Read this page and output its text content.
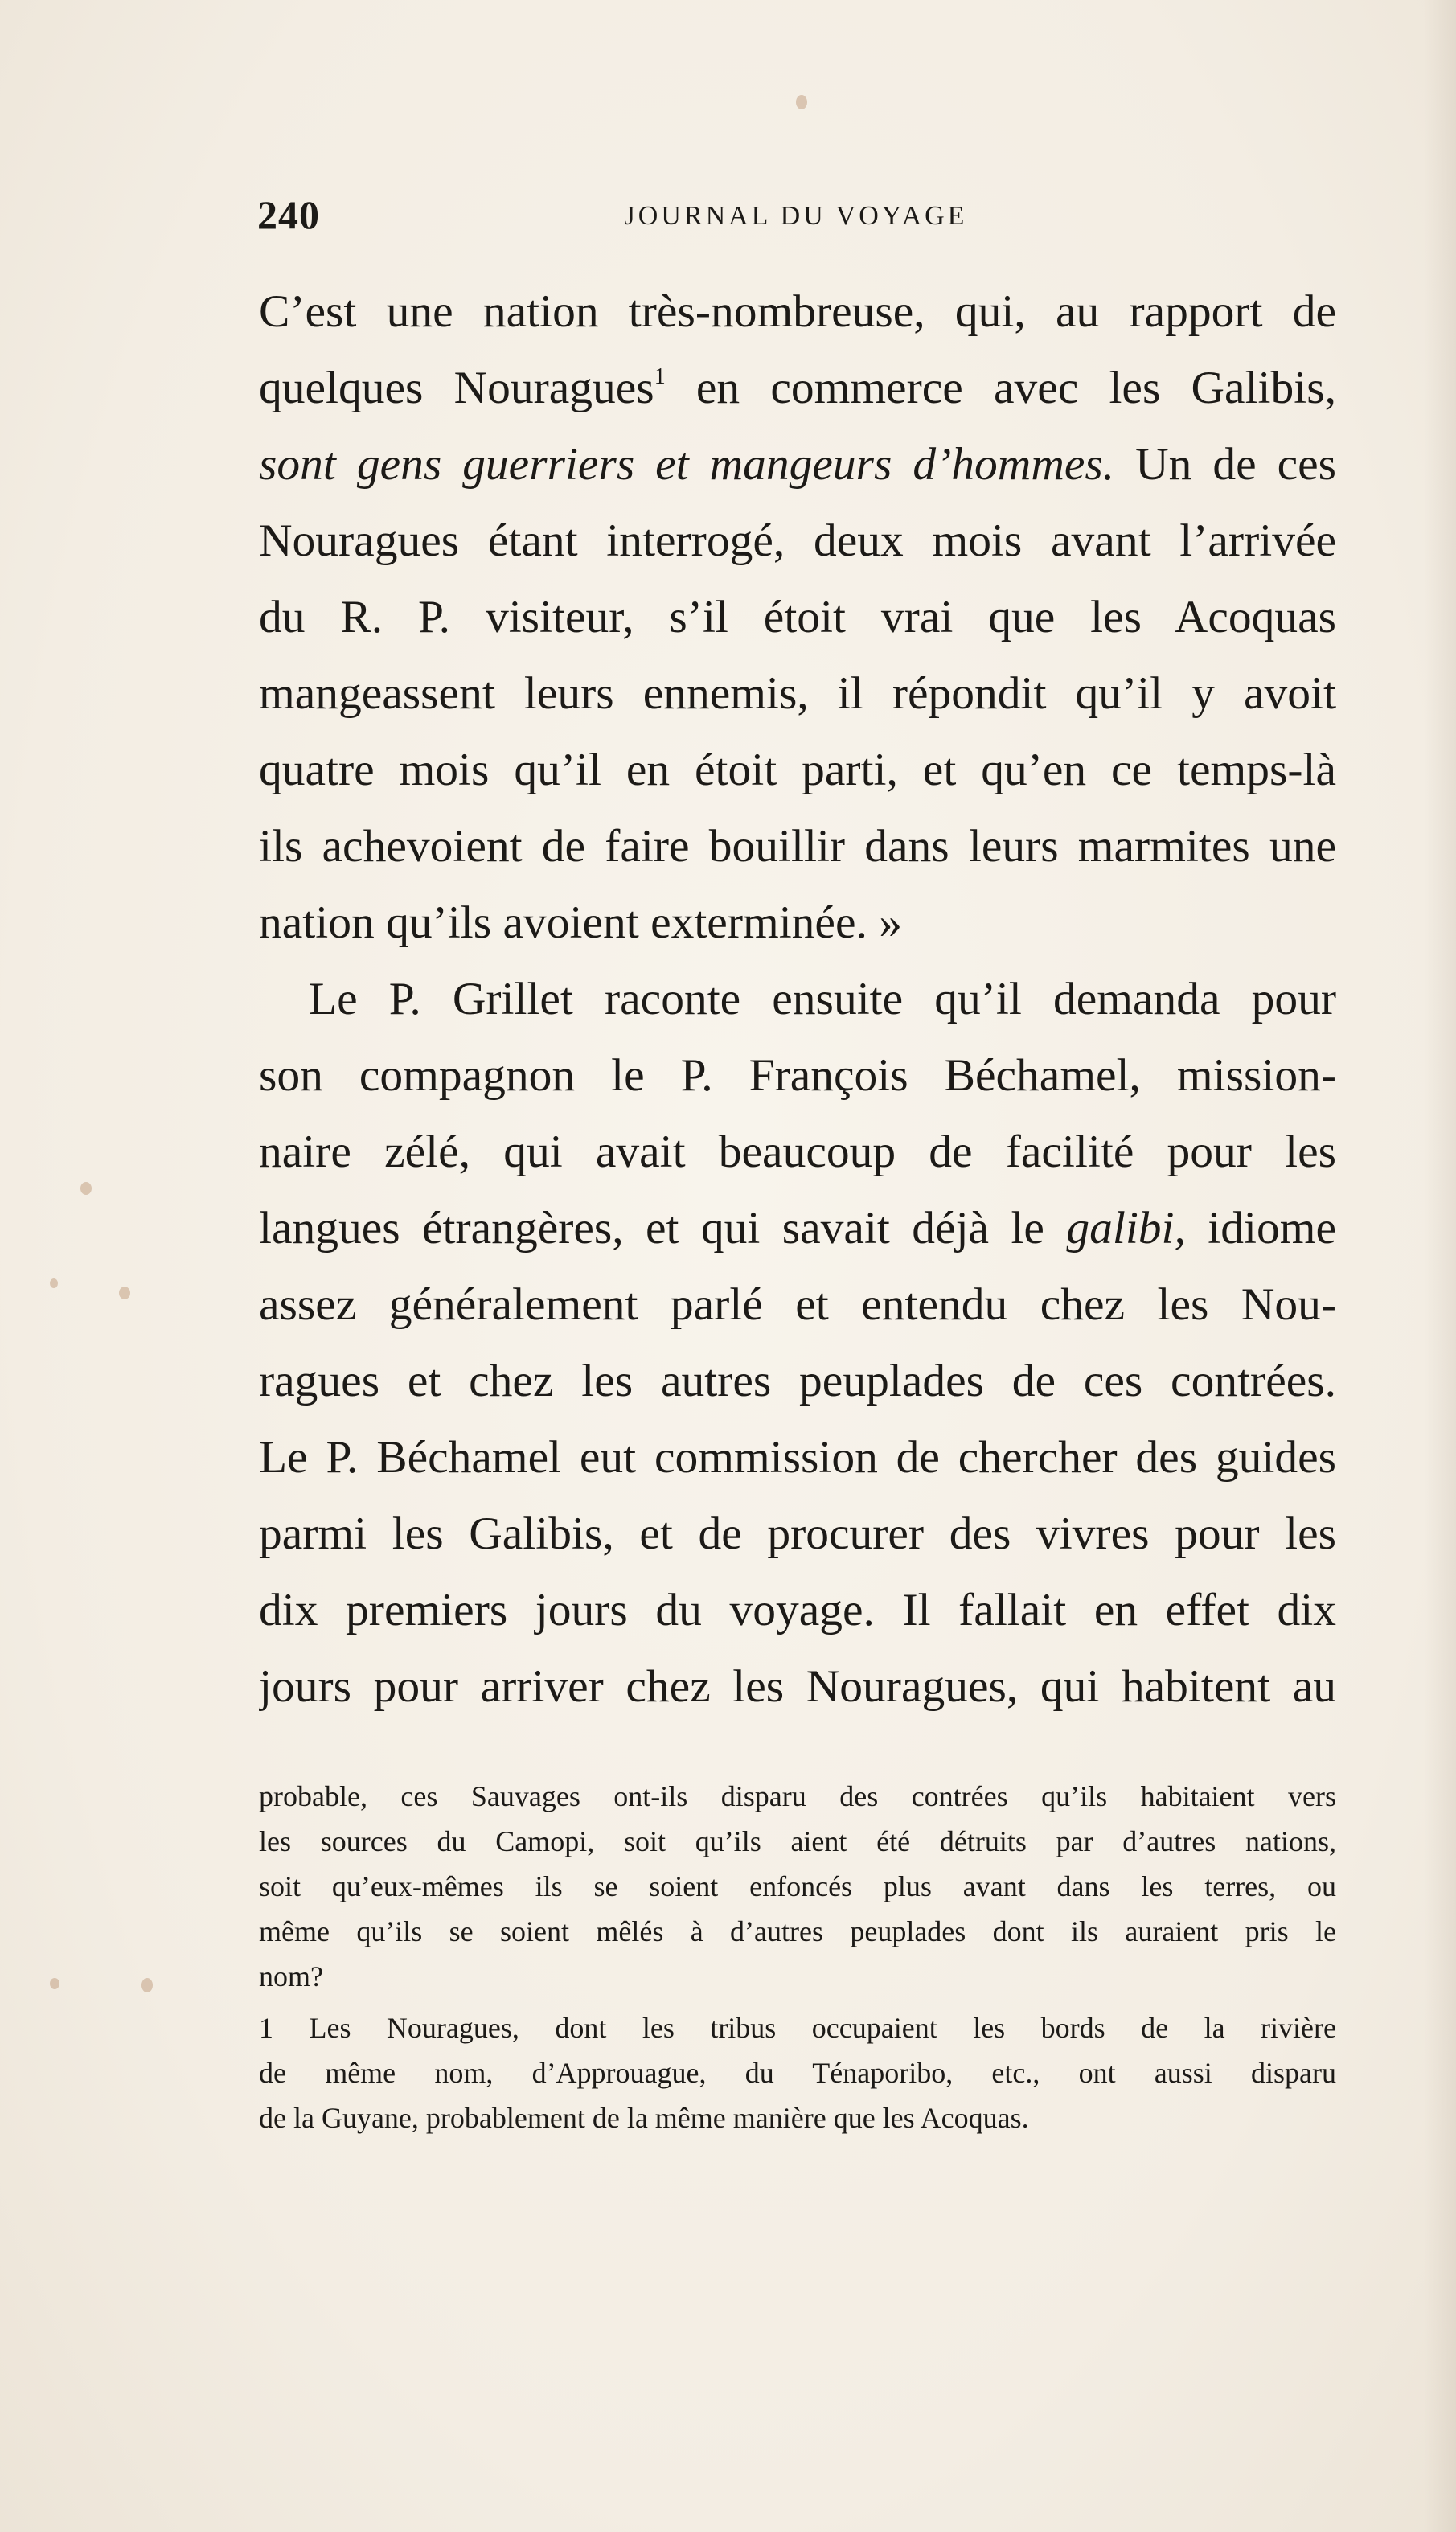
240	JOURNAL DU VOYAGE
C’est une nation très-nombreuse, qui, au rapport de
quelques Nouragues$^1$ en commerce avec les Galibis,
sont gens guerriers et mangeurs d’hommes. Un de ces
Nouragues étant interrogé, deux mois avant l’arrivée
du R. P. visiteur, s’il étoit vrai que les Acoquas
mangeassent leurs ennemis, il répondit qu’il y avoit
quatre mois qu’il en étoit parti, et qu’en ce temps-là
ils achevoient de faire bouillir dans leurs marmites une
nation qu’ils avoient exterminée. »
Le P. Grillet raconte ensuite qu’il demanda pour
son compagnon le P. François Béchamel, mission-
naire zélé, qui avait beaucoup de facilité pour les
langues étrangères, et qui savait déjà le galibi, idiome
assez généralement parlé et entendu chez les Nou-
ragues et chez les autres peuplades de ces contrées.
Le P. Béchamel eut commission de chercher des guides
parmi les Galibis, et de procurer des vivres pour les
dix premiers jours du voyage. Il fallait en effet dix
jours pour arriver chez les Nouragues, qui habitent au
probable, ces Sauvages ont-ils disparu des contrées qu’ils habitaient vers
les sources du Camopi, soit qu’ils aient été détruits par d’autres nations,
soit qu’eux-mêmes ils se soient enfoncés plus avant dans les terres, ou
même qu’ils se soient mêlés à d’autres peuplades dont ils auraient pris le
nom?
1 Les Nouragues, dont les tribus occupaient les bords de la rivière
de même nom, d’Approuague, du Ténaporibo, etc., ont aussi disparu
de la Guyane, probablement de la même manière que les Acoquas.
